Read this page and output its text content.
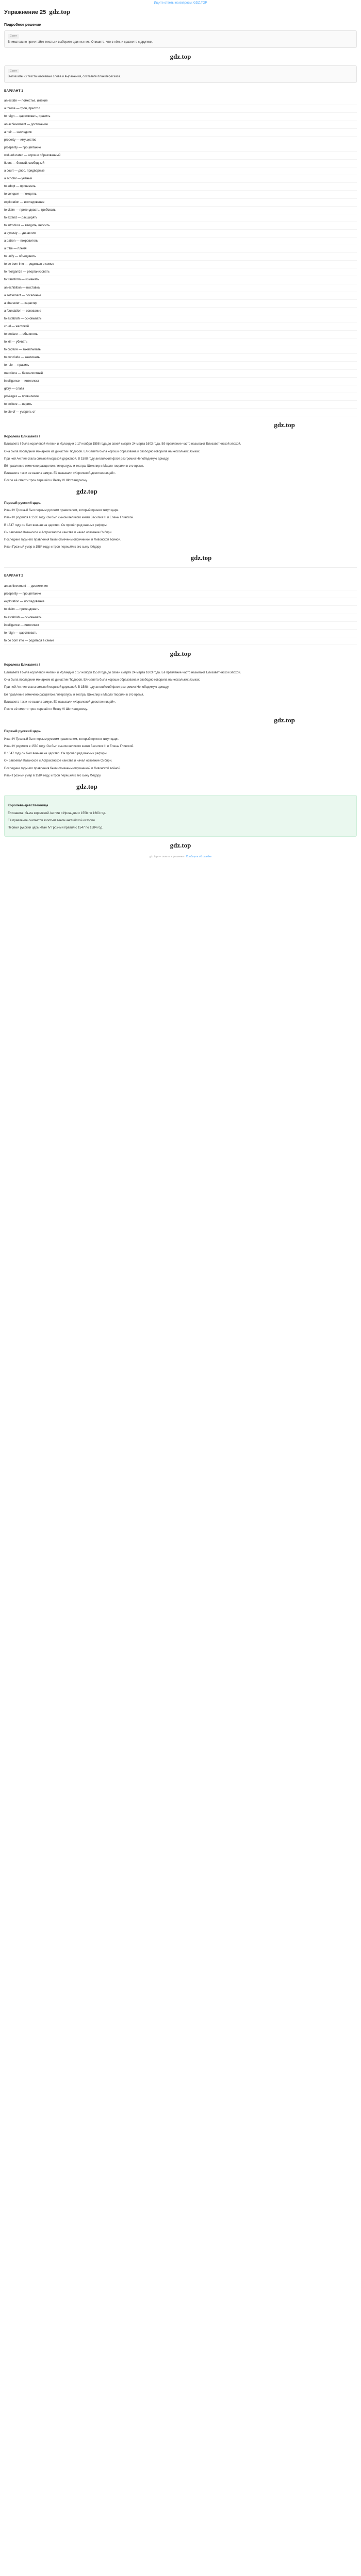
Ищите ответы на вопросы: GDZ.TOP
Упражнение 25 gdz.top
Подробное решение
Совет
Внимательно прочитайте тексты и выберите один из них. Опишите, что в нём, и сравните с другими.
gdz.top
Совет
Выпишите из текста ключевые слова и выражения, составьте план пересказа.
ВАРИАНТ 1
an estate — поместье, имение
a throne — трон, престол
to reign — царствовать, править
an achievement — достижение
a heir — наследник
property — имущество
prosperity — процветание
well-educated — хорошо образованный
fluent — беглый, свободный
a court — двор, придворные
a scholar — учёный
to adopt — принимать
to conquer — покорять
exploration — исследование
to claim — претендовать, требовать
to extend — расширять
to introduce — вводить, вносить
a dynasty — династия
a patron — покровитель
a tribe — племя
to unify — объединять
to be born into — родиться в семье
to reorganize — реорганизовать
to transform — изменять
an exhibition — выставка
a settlement — поселение
a character — характер
a foundation — основание
to establish — основывать
cruel — жестокий
to declare — объявлять
to kill — убивать
to capture — захватывать
to conclude — заключать
to rule — править
merciless — безжалостный
intelligence — интеллект
glory — слава
privileges — привилегии
to believe — верить
to die of — умереть от
gdz.top
Королева Елизавета I
Елизавета I была королевой Англии и Ирландии с 17 ноября 1558 года до своей смерти 24 марта 1603 года. Её правление часто называют Елизаветинской эпохой.
Она была последним монархом из династии Тюдоров. Елизавета была хорошо образована и свободно говорила на нескольких языках.
При ней Англия стала сильной морской державой. В 1588 году английский флот разгромил Непобедимую армаду.
Её правление отмечено расцветом литературы и театра. Шекспир и Марло творили в это время.
Елизавета так и не вышла замуж. Её называли «Королевой-девственницей».
После её смерти трон перешёл к Якову VI Шотландскому.
gdz.top
Первый русский царь
Иван IV Грозный был первым русским правителем, который принял титул царя.
Иван IV родился в 1530 году. Он был сыном великого князя Василия III и Елены Глинской.
В 1547 году он был венчан на царство. Он провёл ряд важных реформ.
Он завоевал Казанское и Астраханское ханства и начал освоение Сибири.
Последние годы его правления были отмечены опричниной и Ливонской войной.
Иван Грозный умер в 1584 году, и трон перешёл к его сыну Фёдору.
gdz.top
ВАРИАНТ 2
an achievement — достижение
prosperity — процветание
exploration — исследование
to claim — претендовать
to establish — основывать
intelligence — интеллект
to reign — царствовать
to be born into — родиться в семье
gdz.top
Королева Елизавета I
Елизавета I была королевой Англии и Ирландии с 17 ноября 1558 года до своей смерти 24 марта 1603 года. Её правление часто называют Елизаветинской эпохой.
Она была последним монархом из династии Тюдоров. Елизавета была хорошо образована и свободно говорила на нескольких языках.
При ней Англия стала сильной морской державой. В 1588 году английский флот разгромил Непобедимую армаду.
Её правление отмечено расцветом литературы и театра. Шекспир и Марло творили в это время.
Елизавета так и не вышла замуж. Её называли «Королевой-девственницей».
После её смерти трон перешёл к Якову VI Шотландскому.
gdz.top
Первый русский царь
Иван IV Грозный был первым русским правителем, который принял титул царя.
Иван IV родился в 1530 году. Он был сыном великого князя Василия III и Елены Глинской.
В 1547 году он был венчан на царство. Он провёл ряд важных реформ.
Он завоевал Казанское и Астраханское ханства и начал освоение Сибири.
Последние годы его правления были отмечены опричниной и Ливонской войной.
Иван Грозный умер в 1584 году, и трон перешёл к его сыну Фёдору.
gdz.top
Королева-девственница
Елизавета I была королевой Англии и Ирландии с 1558 по 1603 год.
Её правление считается золотым веком английской истории.
Первый русский царь Иван IV Грозный правил с 1547 по 1584 год.
gdz.top
gdz.top — ответы и решения · Сообщить об ошибке
